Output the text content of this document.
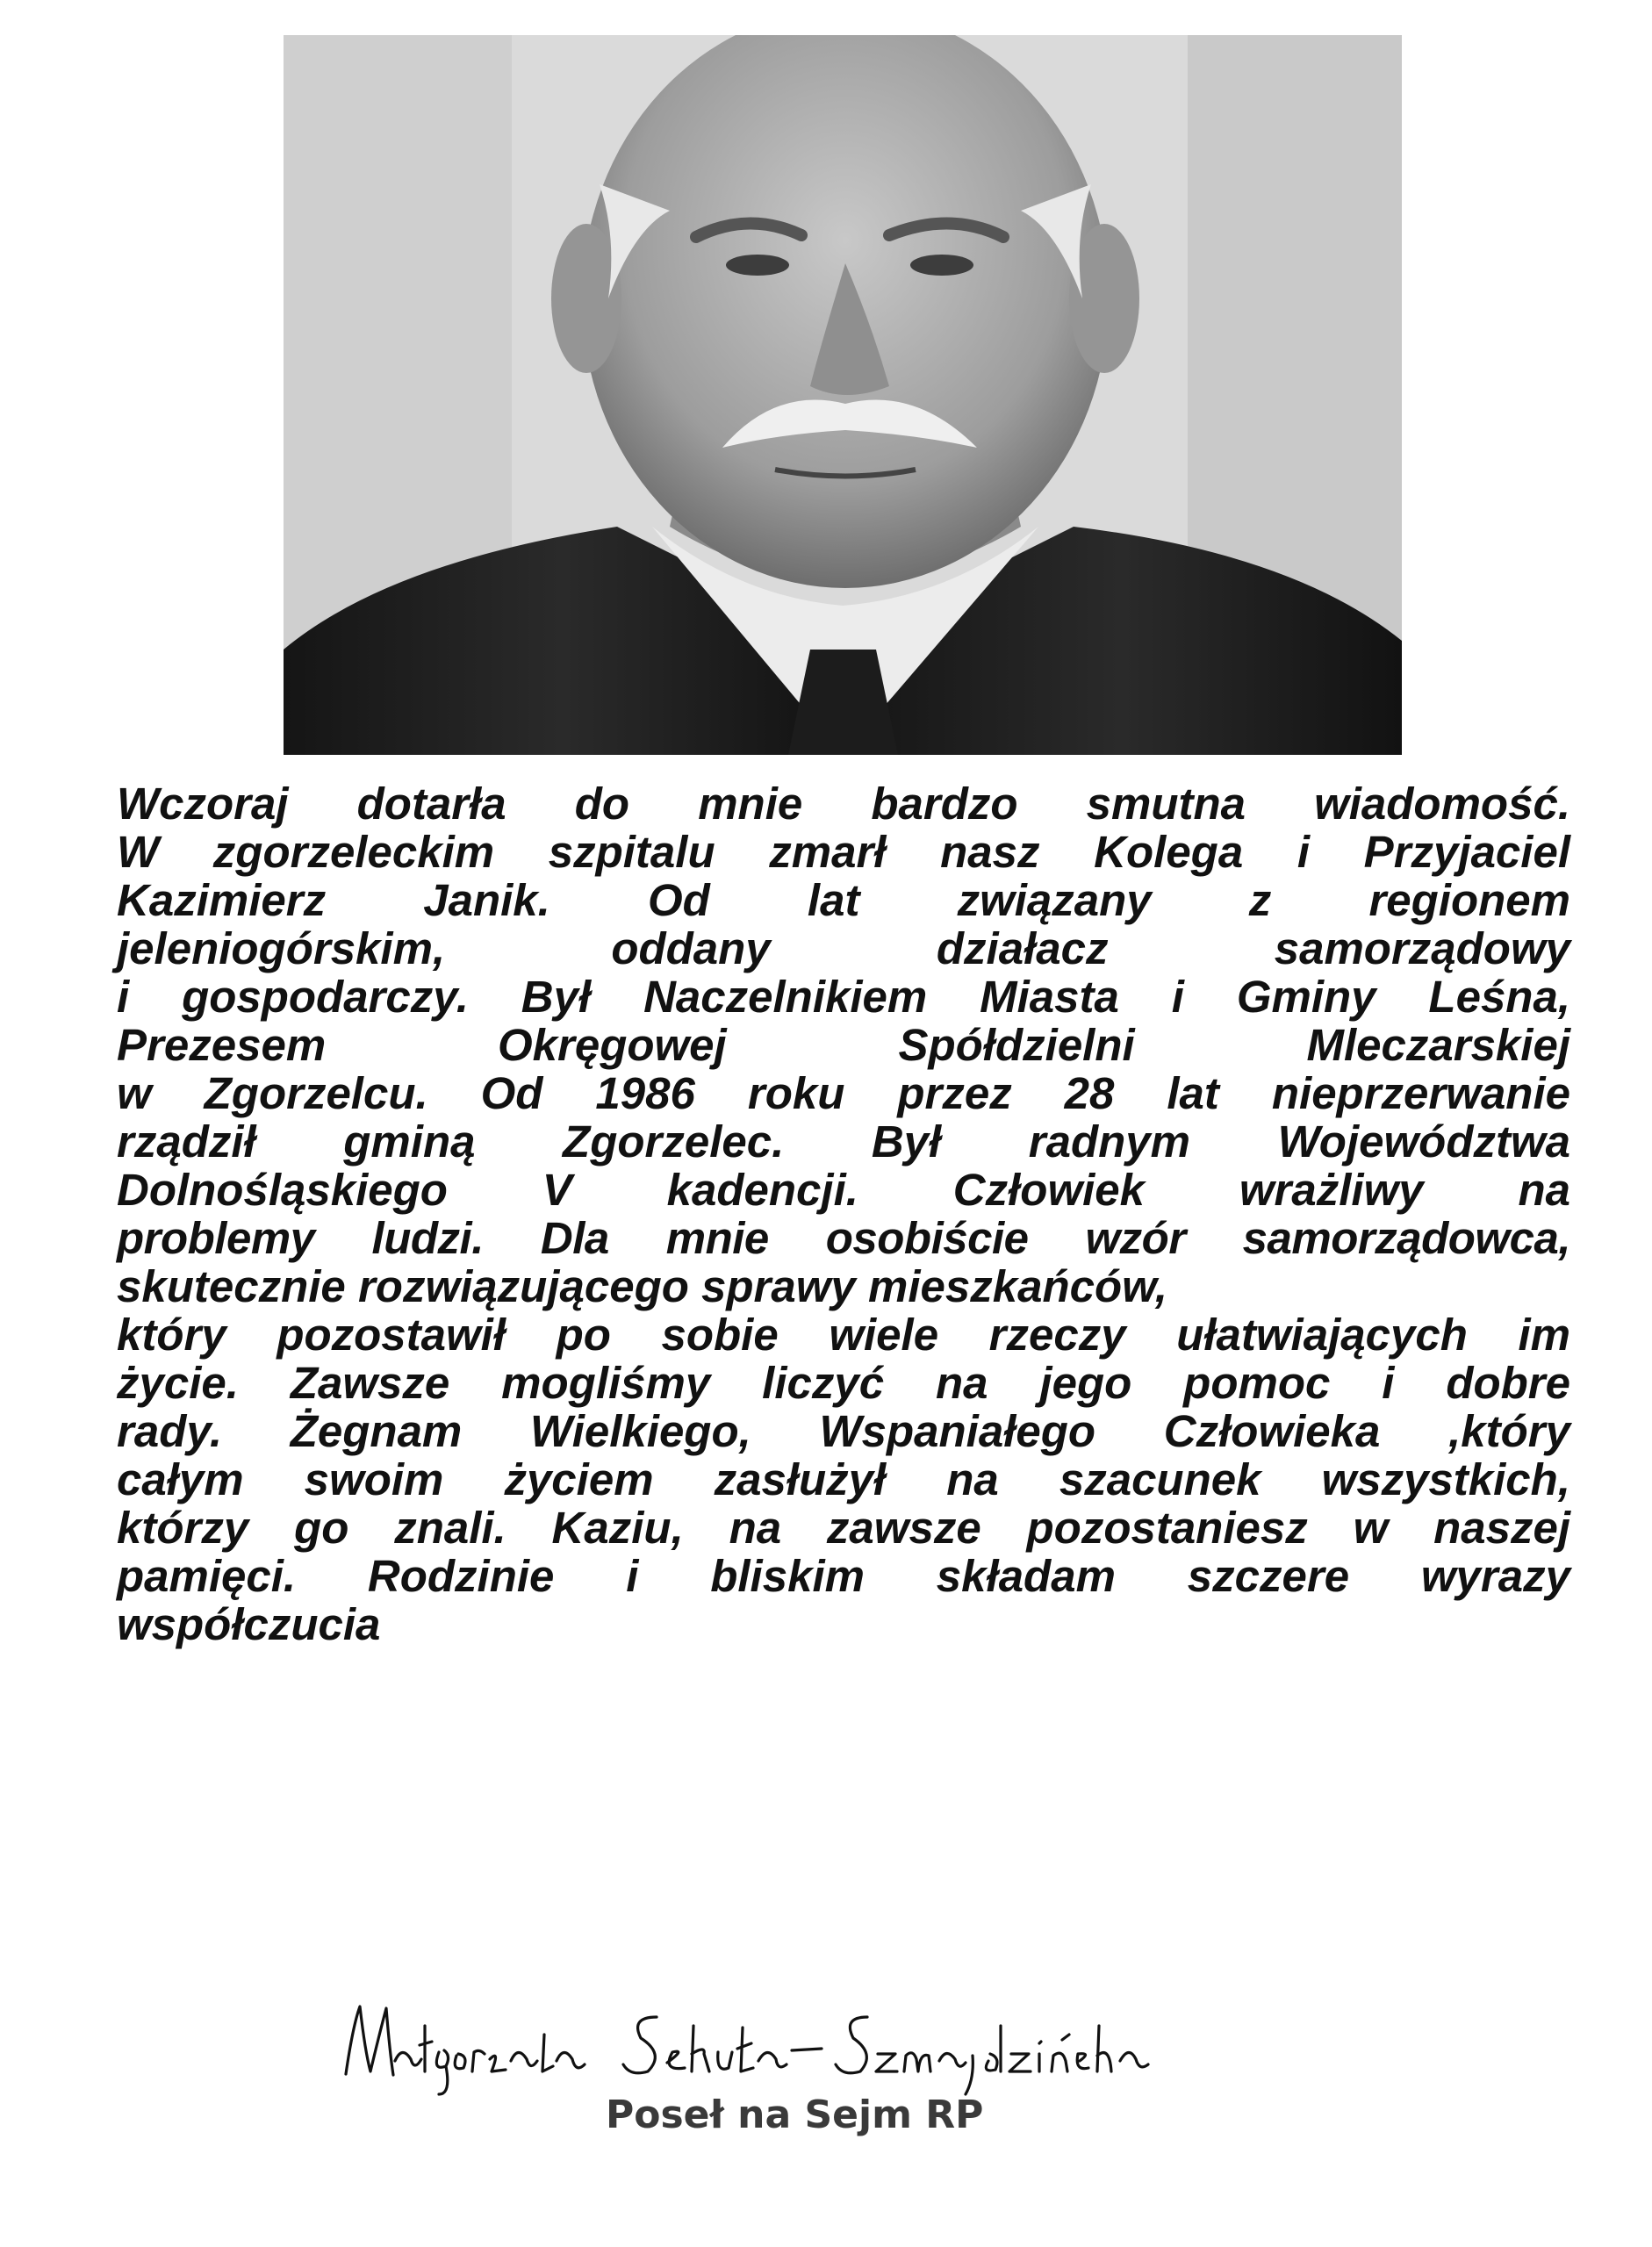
Wczoraj dotarła do mnie bardzo smutna wiadomość.
W zgorzeleckim szpitalu zmarł nasz Kolega i Przyjaciel
Kazimierz Janik. Od lat związany z regionem
jeleniogórskim, oddany działacz samorządowy
i gospodarczy. Był Naczelnikiem Miasta i Gminy Leśna,
Prezesem Okręgowej Spółdzielni Mleczarskiej
w Zgorzelcu. Od 1986 roku przez 28 lat nieprzerwanie
rządził gminą Zgorzelec. Był radnym Województwa
Dolnośląskiego V kadencji. Człowiek wrażliwy na
problemy ludzi. Dla mnie osobiście wzór samorządowca,
skutecznie rozwiązującego sprawy mieszkańców,
który pozostawił po sobie wiele rzeczy ułatwiających im
życie. Zawsze mogliśmy liczyć na jego pomoc i dobre
rady. Żegnam Wielkiego, Wspaniałego Człowieka ,który
całym swoim życiem zasłużył na szacunek wszystkich,
którzy go znali. Kaziu, na zawsze pozostaniesz w naszej
pamięci. Rodzinie i bliskim składam szczere wyrazy
współczucia
Poseł na Sejm RP
